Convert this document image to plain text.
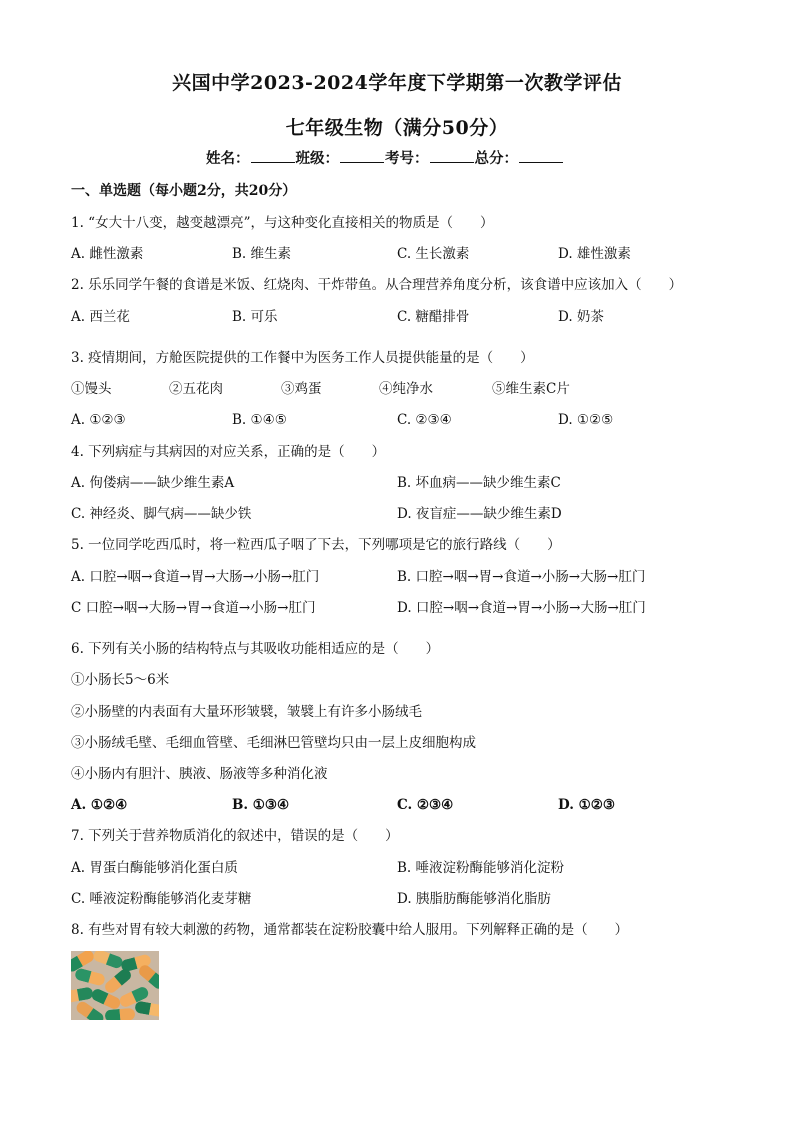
兴国中学2023-2024学年度下学期第一次教学评估
七年级生物（满分50分）
姓名：	班级：	考号：	总分：
一、单选题（每小题2分，共20分）
1. “女大十八变，越变越漂亮”，与这种变化直接相关的物质是（　　）
A. 雌性激素	B. 维生素	C. 生长激素	D. 雄性激素
2. 乐乐同学午餐的食谱是米饭、红烧肉、干炸带鱼。从合理营养角度分析，该食谱中应该加入（　　）
A. 西兰花	B. 可乐	C. 糖醋排骨	D. 奶茶
3. 疫情期间，方舱医院提供的工作餐中为医务工作人员提供能量的是（　　）
①馒头	②五花肉	③鸡蛋	④纯净水	⑤维生素C片
A. ①②③	B. ①④⑤	C. ②③④	D. ①②⑤
4. 下列病症与其病因的对应关系，正确的是（　　）
A. 佝偻病——缺少维生素A	B. 坏血病——缺少维生素C
C. 神经炎、脚气病——缺少铁	D. 夜盲症——缺少维生素D
5. 一位同学吃西瓜时，将一粒西瓜子咽了下去，下列哪项是它的旅行路线（　　）
A. 口腔→咽→食道→胃→大肠→小肠→肛门	B. 口腔→咽→胃→食道→小肠→大肠→肛门
C 口腔→咽→大肠→胃→食道→小肠→肛门	D. 口腔→咽→食道→胃→小肠→大肠→肛门
6. 下列有关小肠的结构特点与其吸收功能相适应的是（　　）
①小肠长5～6米
②小肠壁的内表面有大量环形皱襞，皱襞上有许多小肠绒毛
③小肠绒毛壁、毛细血管壁、毛细淋巴管壁均只由一层上皮细胞构成
④小肠内有胆汁、胰液、肠液等多种消化液
A. ①②④	B. ①③④	C. ②③④	D. ①②③
7. 下列关于营养物质消化的叙述中，错误的是（　　）
A. 胃蛋白酶能够消化蛋白质	B. 唾液淀粉酶能够消化淀粉
C. 唾液淀粉酶能够消化麦芽糖	D. 胰脂肪酶能够消化脂肪
8. 有些对胃有较大刺激的药物，通常都装在淀粉胶囊中给人服用。下列解释正确的是（　　）
